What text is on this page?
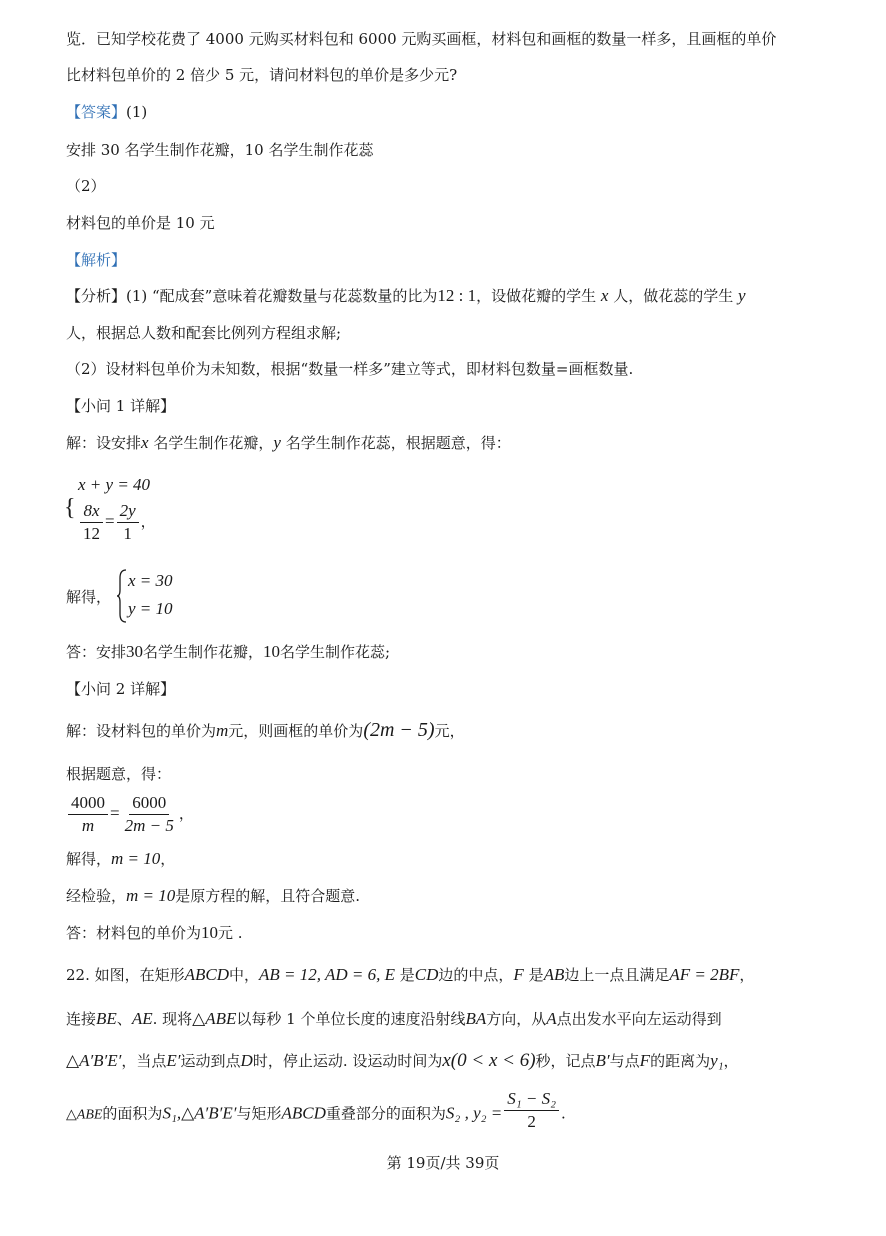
览．已知学校花费了 4000 元购买材料包和 6000 元购买画框，材料包和画框的数量一样多，且画框的单价
比材料包单价的 2 倍少 5 元，请问材料包的单价是多少元?
【答案】(1)
安排 30 名学生制作花瓣，10 名学生制作花蕊
（2）
材料包的单价是 10 元
【解析】
【分析】(1) “配成套”意味着花瓣数量与花蕊数量的比为12 : 1，设做花瓣的学生 x 人，做花蕊的学生 y
人，根据总人数和配套比例列方程组求解;
（2）设材料包单价为未知数，根据“数量一样多”建立等式，即材料包数量=画框数量.
【小问 1 详解】
解：设安排x 名学生制作花瓣，y 名学生制作花蕊，根据题意，得：
x + y = 40
{ $\frac{8x}{12} = \frac{2y}{1}$ ，
解得，
x = 30
y = 10
答：安排30名学生制作花瓣，10名学生制作花蕊;
【小问 2 详解】
解：设材料包的单价为m元，则画框的单价为(2m − 5)元，
根据题意，得：
$\frac{4000}{m} = \frac{6000}{2m - 5}$ ，
解得，m = 10，
经检验，m = 10是原方程的解，且符合题意.
答：材料包的单价为10元 .
22. 如图，在矩形ABCD中，AB = 12, AD = 6, E 是CD边的中点，F 是AB边上一点且满足AF = 2BF，
连接BE、AE. 现将△ABE以每秒 1 个单位长度的速度沿射线BA方向，从A点出发水平向左运动得到
△A′B′E′，当点E′运动到点D时，停止运动. 设运动时间为x(0 < x < 6)秒，记点B′与点F的距离为y₁，
△ABE的面积为S₁,△A′B′E′与矩形ABCD重叠部分的面积为S₂ , $y_2 = \frac{\text{S₁ − S₂}}{2}$ .
第 19页/共 39页
